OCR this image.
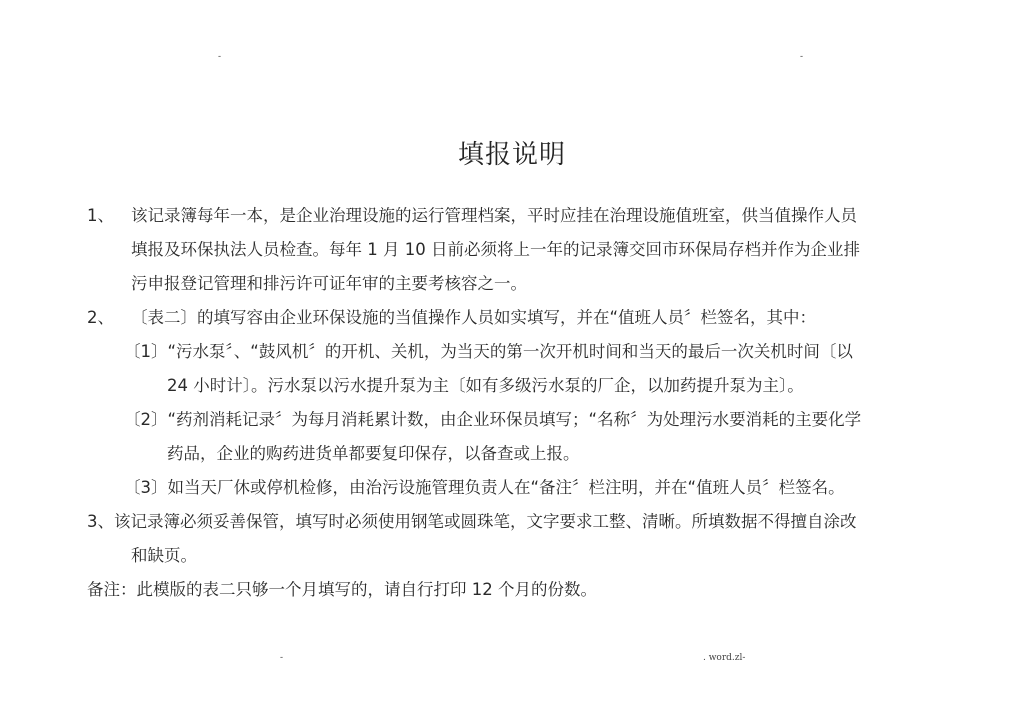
-	-
填报说明
1、 该记录簿每年一本，是企业治理设施的运行管理档案，平时应挂在治理设施值班室，供当值操作人员
填报及环保执法人员检查。每年 1 月 10 日前必须将上一年的记录簿交回市环保局存档并作为企业排
污申报登记管理和排污许可证年审的主要考核容之一。
2、 〔表二〕的填写容由企业环保设施的当值操作人员如实填写，并在“值班人员〞栏签名，其中：
〔1〕“污水泵〞、“鼓风机〞的开机、关机，为当天的第一次开机时间和当天的最后一次关机时间〔以
24 小时计〕。污水泵以污水提升泵为主〔如有多级污水泵的厂企，以加药提升泵为主〕。
〔2〕“药剂消耗记录〞为每月消耗累计数，由企业环保员填写；“名称〞为处理污水要消耗的主要化学
药品，企业的购药进货单都要复印保存，以备查或上报。
〔3〕如当天厂休或停机检修，由治污设施管理负责人在“备注〞栏注明，并在“值班人员〞栏签名。
3、该记录簿必须妥善保管，填写时必须使用钢笔或圆珠笔，文字要求工整、清晰。所填数据不得擅自涂改
和缺页。
备注：此模版的表二只够一个月填写的，请自行打印 12 个月的份数。
-	. word.zl-
